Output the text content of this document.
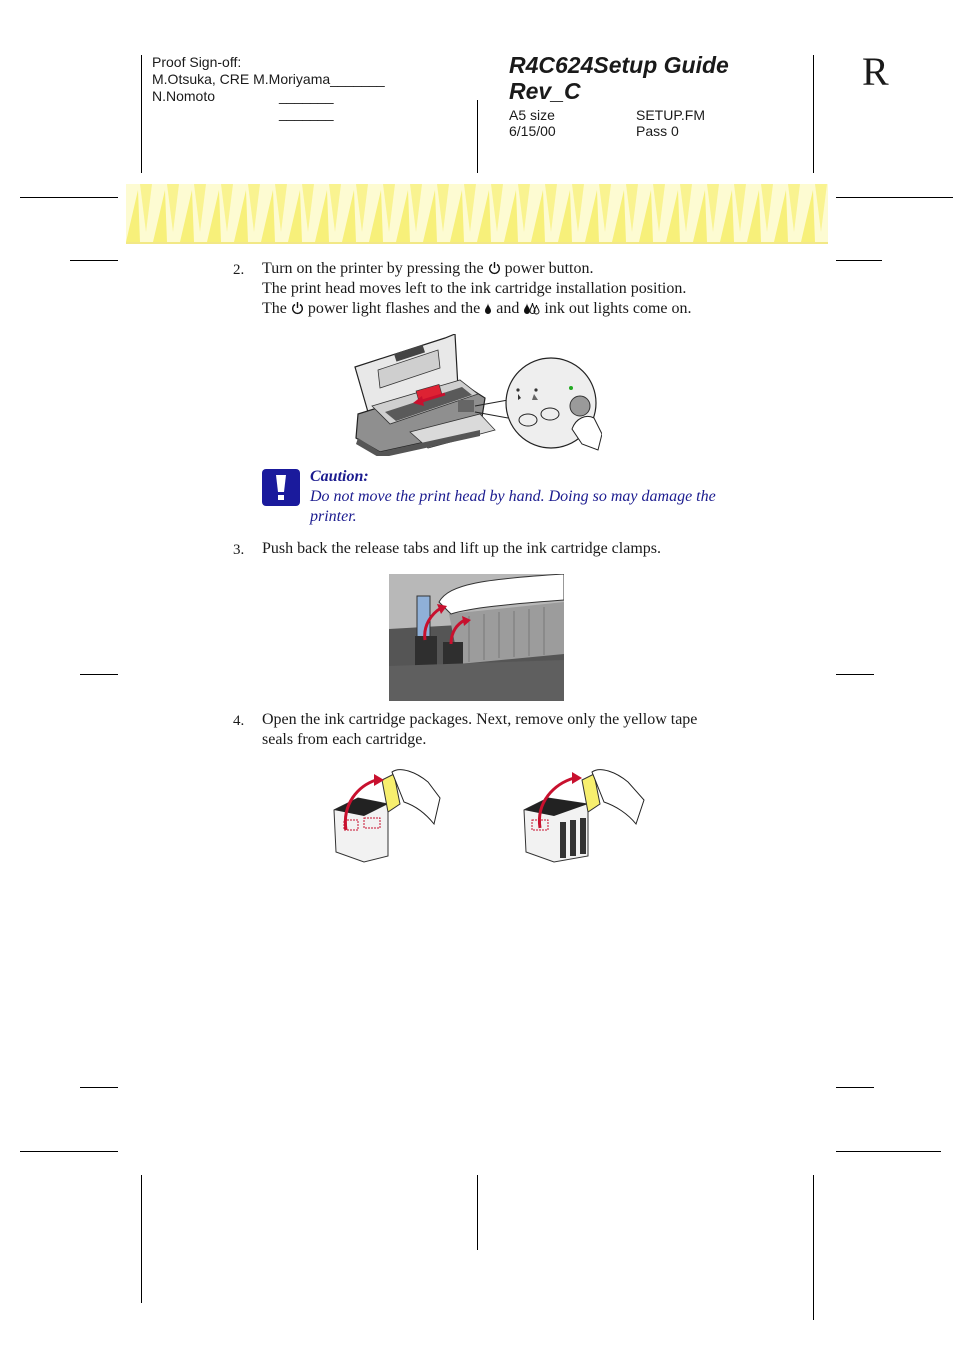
Proof Sign-off:
M.Otsuka, CRE M.Moriyama_______
N.Nomoto	_______
_______
R4C624Setup Guide
Rev_C
A5 size
6/15/00
SETUP.FM
Pass 0
R
2. Turn on the printer by pressing the power button.
The print head moves left to the ink cartridge installation position.
The power light flashes and the and ink out lights come on.
Caution:
Do not move the print head by hand. Doing so may damage the
printer.
3. Push back the release tabs and lift up the ink cartridge clamps.
4. Open the ink cartridge packages. Next, remove only the yellow tape
seals from each cartridge.
